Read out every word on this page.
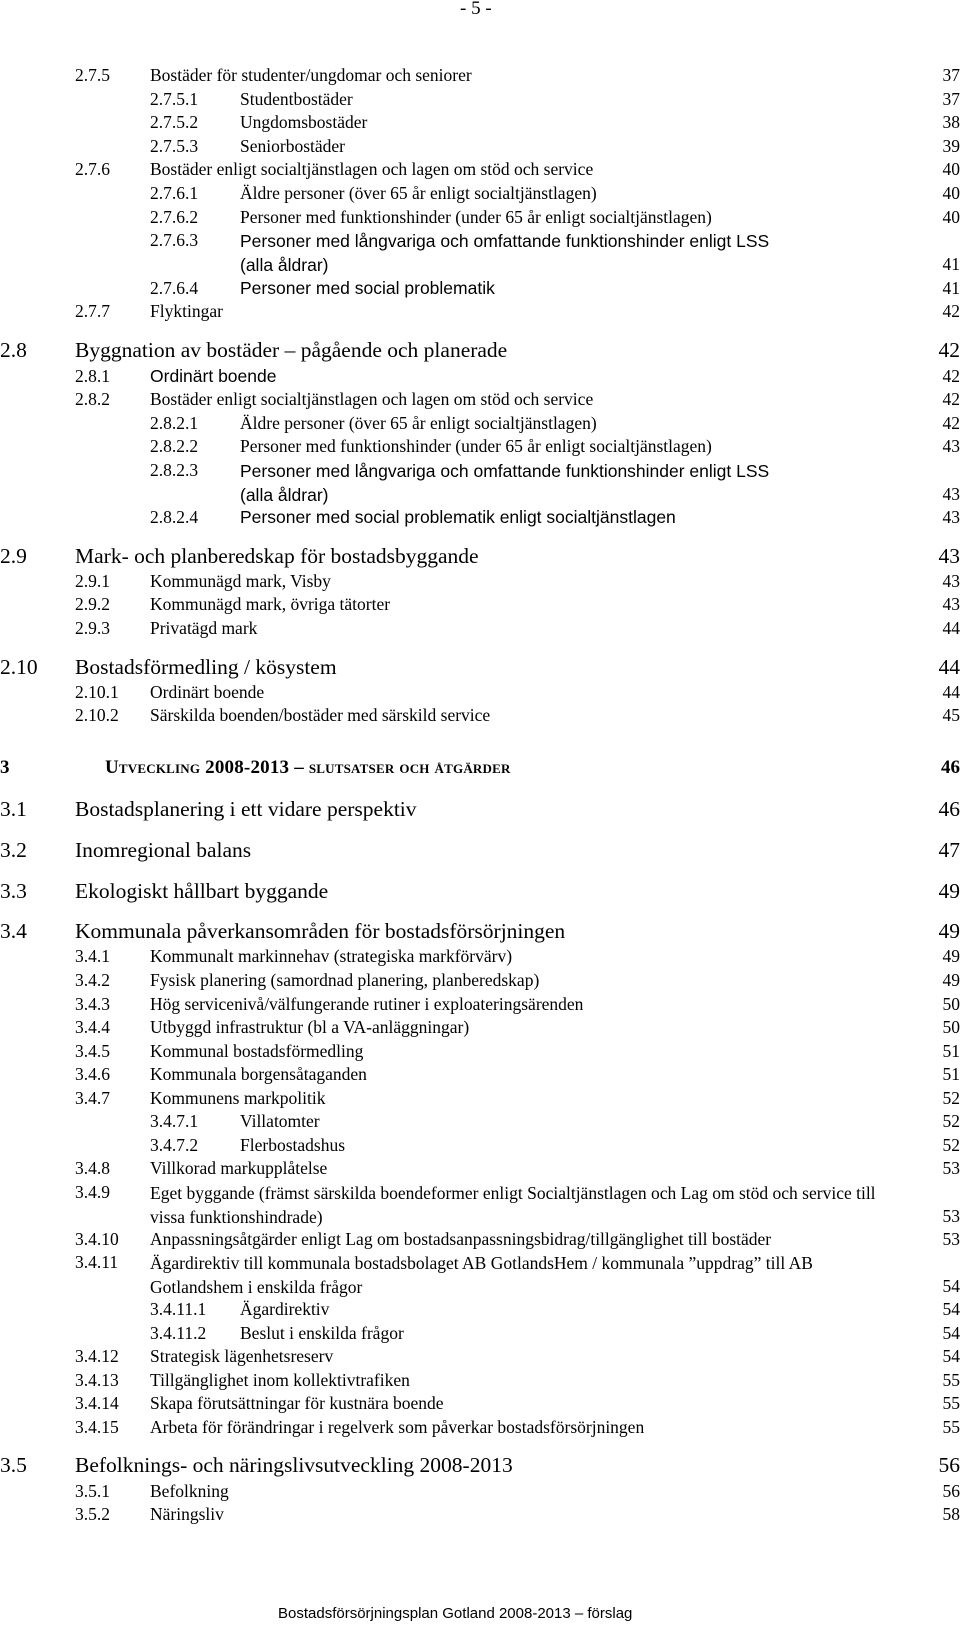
- 5 -
2.7.5 Bostäder för studenter/ungdomar och seniorer	37
2.7.5.1 Studentbostäder	37
2.7.5.2 Ungdomsbostäder	38
2.7.5.3 Seniorbostäder	39
2.7.6 Bostäder enligt socialtjänstlagen och lagen om stöd och service	40
2.7.6.1 Äldre personer (över 65 år enligt socialtjänstlagen)	40
2.7.6.2 Personer med funktionshinder (under 65 år enligt socialtjänstlagen)	40
2.7.6.3 Personer med långvariga och omfattande funktionshinder enligt LSS (alla åldrar)	41
2.7.6.4 Personer med social problematik	41
2.7.7 Flyktingar	42
2.8 Byggnation av bostäder – pågående och planerade	42
2.8.1 Ordinärt boende	42
2.8.2 Bostäder enligt socialtjänstlagen och lagen om stöd och service	42
2.8.2.1 Äldre personer (över 65 år enligt socialtjänstlagen)	42
2.8.2.2 Personer med funktionshinder (under 65 år enligt socialtjänstlagen)	43
2.8.2.3 Personer med långvariga och omfattande funktionshinder enligt LSS (alla åldrar)	43
2.8.2.4 Personer med social problematik enligt socialtjänstlagen	43
2.9 Mark- och planberedskap för bostadsbyggande	43
2.9.1 Kommunägd mark, Visby	43
2.9.2 Kommunägd mark, övriga tätorter	43
2.9.3 Privatägd mark	44
2.10 Bostadsförmedling / kösystem	44
2.10.1 Ordinärt boende	44
2.10.2 Särskilda boenden/bostäder med särskild service	45
3	Utveckling 2008-2013 – slutsatser och åtgärder	46
3.1 Bostadsplanering i ett vidare perspektiv	46
3.2 Inomregional balans	47
3.3 Ekologiskt hållbart byggande	49
3.4 Kommunala påverkansområden för bostadsförsörjningen	49
3.4.1 Kommunalt markinnehav (strategiska markförvärv)	49
3.4.2 Fysisk planering (samordnad planering, planberedskap)	49
3.4.3 Hög servicenivå/välfungerande rutiner i exploateringsärenden	50
3.4.4 Utbyggd infrastruktur (bl a VA-anläggningar)	50
3.4.5 Kommunal bostadsförmedling	51
3.4.6 Kommunala borgensåtaganden	51
3.4.7 Kommunens markpolitik	52
3.4.7.1 Villatomter	52
3.4.7.2 Flerbostadshus	52
3.4.8 Villkorad markupplåtelse	53
3.4.9 Eget byggande (främst särskilda boendeformer enligt Socialtjänstlagen och Lag om stöd och service till vissa funktionshindrade)	53
3.4.10 Anpassningsåtgärder enligt Lag om bostadsanpassningsbidrag/tillgänglighet till bostäder	53
3.4.11 Ägardirektiv till kommunala bostadsbolaget AB GotlandsHem / kommunala ”uppdrag” till AB Gotlandshem i enskilda frågor	54
3.4.11.1 Ägardirektiv	54
3.4.11.2 Beslut i enskilda frågor	54
3.4.12 Strategisk lägenhetsreserv	54
3.4.13 Tillgänglighet inom kollektivtrafiken	55
3.4.14 Skapa förutsättningar för kustnära boende	55
3.4.15 Arbeta för förändringar i regelverk som påverkar bostadsförsörjningen	55
3.5 Befolknings- och näringslivsutveckling 2008-2013	56
3.5.1 Befolkning	56
3.5.2 Näringsliv	58
Bostadsförsörjningsplan Gotland 2008-2013 – förslag
